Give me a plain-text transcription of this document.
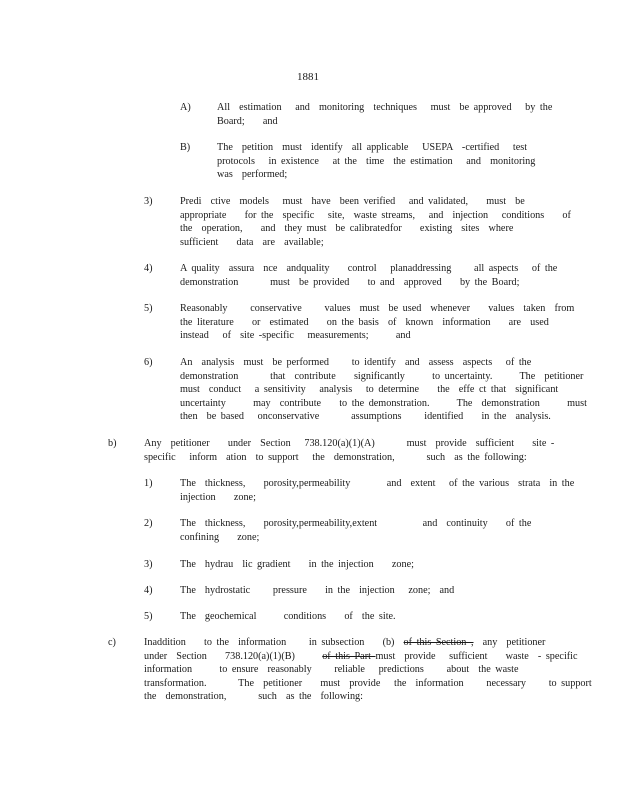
1881
A)	All  estimation   and  monitoring  techniques   must  be approved   by the
Board;    and
B)	The  petition  must  identify  all applicable   USEPA  -certified   test
protocols   in existence   at the  time  the estimation   and  monitoring
was  performed;
3)	Predi  ctive  models   must  have  been verified   and validated,    must  be
appropriate    for the  specific   site,  waste streams,   and  injection   conditions    of
the  operation,    and  they must  be calibratedfor    existing  sites  where
sufficient    data  are  available;
4)	A quality  assura  nce  andquality    control   planaddressing     all aspects   of the
demonstration       must  be provided    to and  approved    by the Board;
5)	Reasonably     conservative     values  must  be used  whenever    values  taken  from
the literature    or  estimated    on the basis  of  known  information    are  used
instead   of  site -specific   measurements;      and
6)	An  analysis  must  be performed     to identify  and  assess  aspects   of the
demonstration       that  contribute    significantly      to uncertainty.      The  petitioner
must  conduct   a sensitivity   analysis   to determine    the  effe ct that  significant
uncertainty      may  contribute    to the demonstration.      The  demonstration      must
then  be based   onconservative       assumptions     identified    in the  analysis.
b)	Any  petitioner    under  Section   738.120(a)(1)(A)       must  provide  sufficient    site -
specific   inform  ation  to support   the  demonstration,       such  as the following:
1)	The  thickness,    porosity,permeability        and  extent   of the various  strata  in the
injection    zone;
2)	The  thickness,    porosity,permeability,extent          and  continuity    of the
confining    zone;
3)	The  hydrau  lic gradient    in the injection    zone;
4)	The  hydrostatic     pressure    in the  injection   zone;  and
5)	The  geochemical      conditions    of  the site.
c)	Inaddition    to the  information     in subsection    (b)  of this Section ,  any  petitioner
under  Section    738.120(a)(1)(B)      of this Part must  provide   sufficient    waste  - specific
information      to ensure  reasonably     reliable   predictions     about  the waste
transformation.       The  petitioner    must  provide   the  information     necessary     to support
the  demonstration,       such  as the  following:
